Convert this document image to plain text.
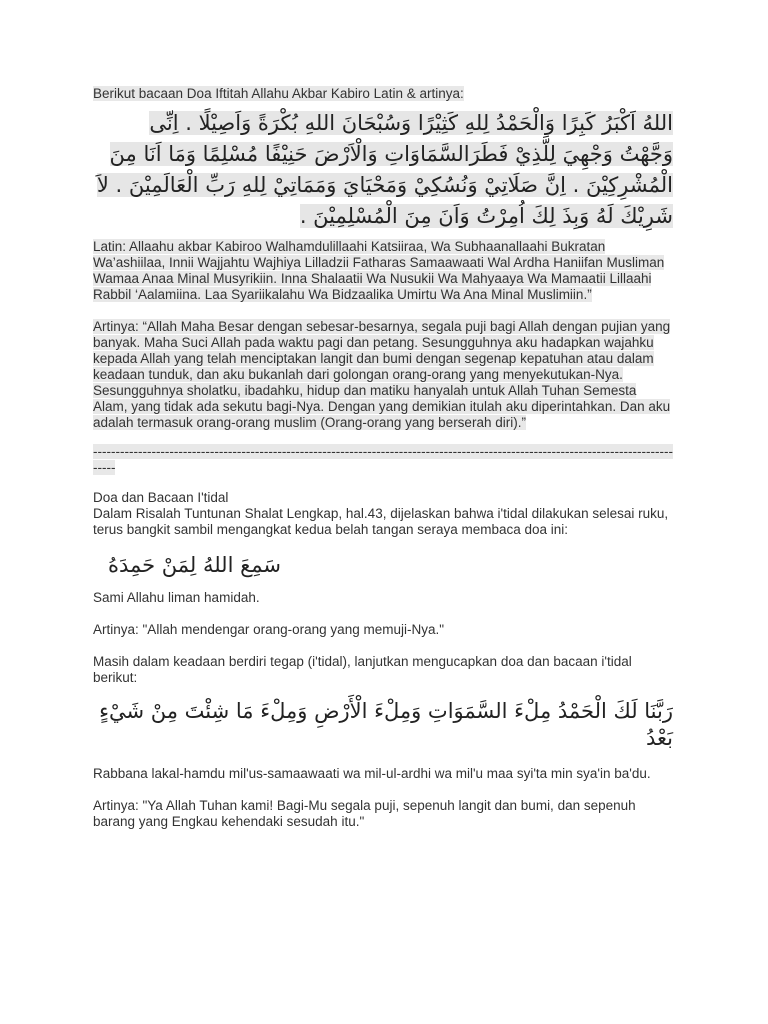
Berikut bacaan Doa Iftitah Allahu Akbar Kabiro Latin & artinya:

اللهُ اَكْبَرُ كَبِرًا وَالْحَمْدُ لِلهِ كَثِيْرًا وَسُبْحَانَ اللهِ بُكْرَةً وَاَصِيْلًا . اِنِّى وَجَّهْتُ وَجْهِيَ لِلَّذِيْ فَطَرَالسَّمَاوَاتِ وَالْاَرْضَ حَنِيْفًا مُسْلِمًا وَمَا اَنَا مِنَ الْمُشْرِكِيْنَ . اِنَّ صَلَاتِيْ وَنُسُكِيْ وَمَحْيَايَ وَمَمَاتِيْ لِلهِ رَبِّ الْعَالَمِيْنَ . لاَ شَرِيْكَ لَهُ وَبِذَ لِكَ اُمِرْتُ وَاَنَ مِنَ الْمُسْلِمِيْنَ .

Latin: Allaahu akbar Kabiroo Walhamdulillaahi Katsiiraa, Wa Subhaanallaahi Bukratan Wa’ashiilaa, Innii Wajjahtu Wajhiya Lilladzii Fatharas Samaawaati Wal Ardha Haniifan Musliman Wamaa Anaa Minal Musyrikiin. Inna Shalaatii Wa Nusukii Wa Mahyaaya Wa Mamaatii Lillaahi Rabbil ‘Aalamiina. Laa Syariikalahu Wa Bidzaalika Umirtu Wa Ana Minal Muslimiin.”

Artinya: “Allah Maha Besar dengan sebesar-besarnya, segala puji bagi Allah dengan pujian yang banyak. Maha Suci Allah pada waktu pagi dan petang. Sesungguhnya aku hadapkan wajahku kepada Allah yang telah menciptakan langit dan bumi dengan segenap kepatuhan atau dalam keadaan tunduk, dan aku bukanlah dari golongan orang-orang yang menyekutukan-Nya. Sesungguhnya sholatku, ibadahku, hidup dan matiku hanyalah untuk Allah Tuhan Semesta Alam, yang tidak ada sekutu bagi-Nya. Dengan yang demikian itulah aku diperintahkan. Dan aku adalah termasuk orang-orang muslim (Orang-orang yang berserah diri).”

--------------------------------------------------------------------------------------------------------------------------------------

Doa dan Bacaan I'tidal

Dalam Risalah Tuntunan Shalat Lengkap, hal.43, dijelaskan bahwa i'tidal dilakukan selesai ruku, terus bangkit sambil mengangkat kedua belah tangan seraya membaca doa ini:

سَمِعَ اللهُ لِمَنْ حَمِدَهُ

Sami Allahu liman hamidah.

Artinya: "Allah mendengar orang-orang yang memuji-Nya."

Masih dalam keadaan berdiri tegap (i'tidal), lanjutkan mengucapkan doa dan bacaan i'tidal berikut:

رَبَّنَا لَكَ الْحَمْدُ مِلْءَ السَّمَوَاتِ وَمِلْءَ الْأَرْضِ وَمِلْءَ مَا شِئْتَ مِنْ شَيْءٍ بَعْدُ

Rabbana lakal-hamdu mil'us-samaawaati wa mil-ul-ardhi wa mil'u maa syi'ta min sya'in ba'du.

Artinya: "Ya Allah Tuhan kami! Bagi-Mu segala puji, sepenuh langit dan bumi, dan sepenuh barang yang Engkau kehendaki sesudah itu."
